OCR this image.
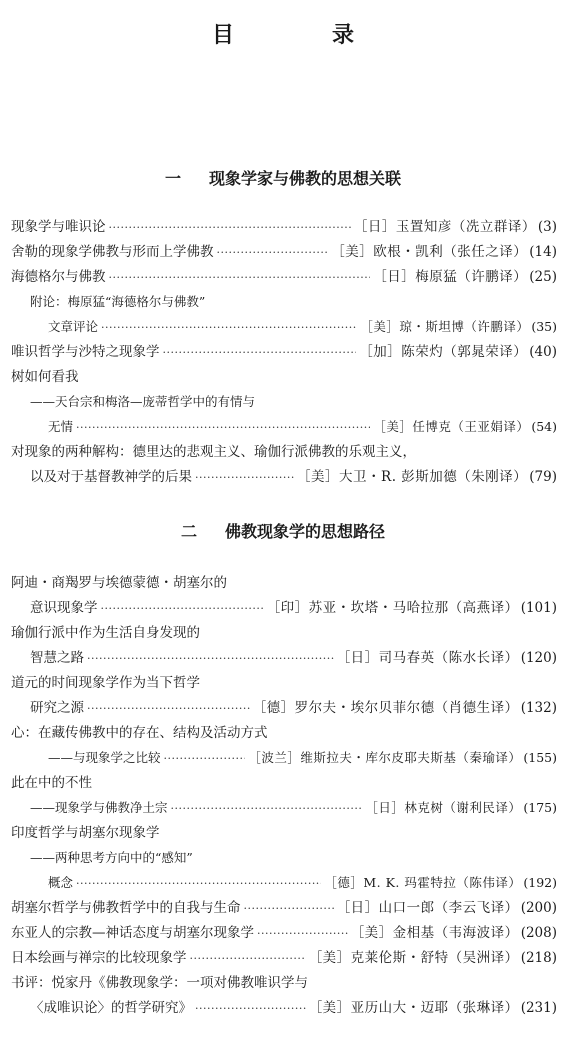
目　录
一 现象学家与佛教的思想关联
现象学与唯识论 ·····	［日］玉置知彦（冼立群译） (3)
舍勒的现象学佛教与形而上学佛教 ·····	［美］欧根・凯利（张任之译） (14)
海德格尔与佛教 ·····	［日］梅原猛（许鹏译） (25)
附论：梅原猛“海德格尔与佛教”
文章评论 ·····	［美］琼・斯坦博（许鹏译） (35)
唯识哲学与沙特之现象学 ·····	［加］陈荣灼（郭晁荣译） (40)
树如何看我
——天台宗和梅洛—庞蒂哲学中的有情与
无情 ·····	［美］任博克（王亚娟译） (54)
对现象的两种解构：德里达的悲观主义、瑜伽行派佛教的乐观主义，
以及对于基督教神学的后果 ·····	［美］大卫・R. 彭斯加德（朱刚译） (79)
二 佛教现象学的思想路径
阿迪・商羯罗与埃德蒙德・胡塞尔的
意识现象学 ·····	［印］苏亚・坎塔・马哈拉那（高燕译） (101)
瑜伽行派中作为生活自身发现的
智慧之路 ·····	［日］司马春英（陈水长译） (120)
道元的时间现象学作为当下哲学
研究之源 ·····	［德］罗尔夫・埃尔贝菲尔德（肖德生译） (132)
心：在藏传佛教中的存在、结构及活动方式
——与现象学之比较 ·····	［波兰］维斯拉夫・库尔皮耶夫斯基（秦瑜译） (155)
此在中的不性
——现象学与佛教净土宗 ·····	［日］林克树（谢利民译） (175)
印度哲学与胡塞尔现象学
——两种思考方向中的“感知”
概念 ·····	［德］M. K. 玛霍特拉（陈伟译） (192)
胡塞尔哲学与佛教哲学中的自我与生命 ·····	［日］山口一郎（李云飞译） (200)
东亚人的宗教—神话态度与胡塞尔现象学 ·····	［美］金相基（韦海波译） (208)
日本绘画与禅宗的比较现象学 ·····	［美］克莱伦斯・舒特（吴洲译） (218)
书评：悦家丹《佛教现象学：一项对佛教唯识学与
〈成唯识论〉的哲学研究》 ·····	［美］亚历山大・迈耶（张琳译） (231)
